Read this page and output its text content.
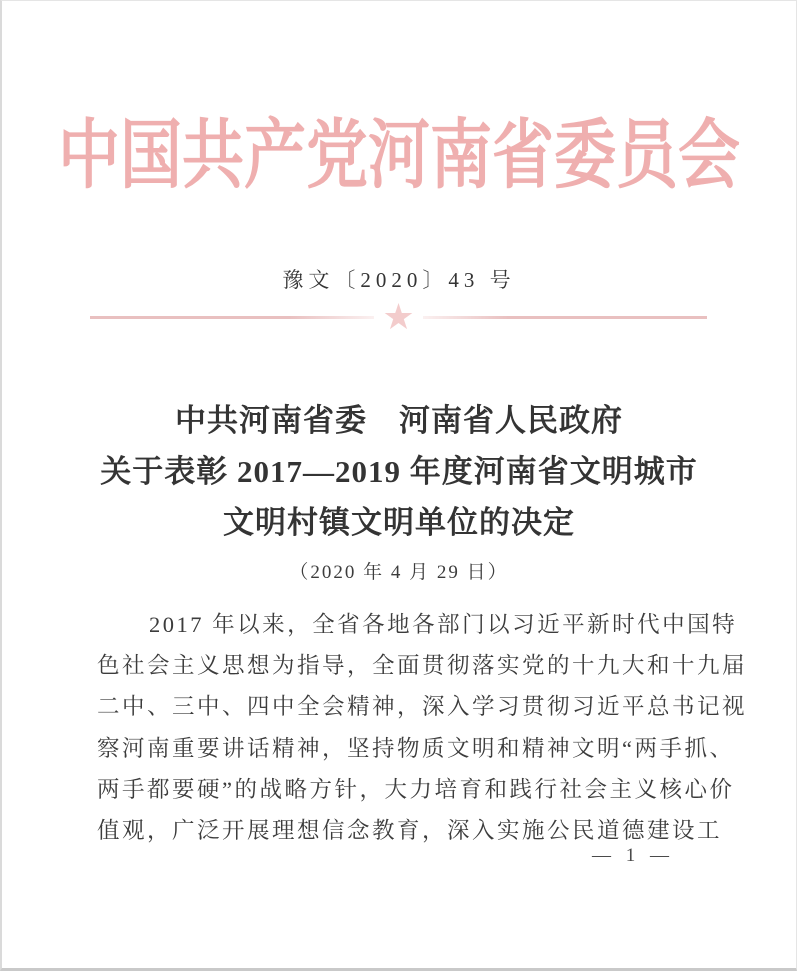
中国共产党河南省委员会
豫文〔2020〕43 号
★
中共河南省委　河南省人民政府
关于表彰 2017—2019 年度河南省文明城市
文明村镇文明单位的决定
（2020 年 4 月 29 日）
2017 年以来，全省各地各部门以习近平新时代中国特
色社会主义思想为指导，全面贯彻落实党的十九大和十九届
二中、三中、四中全会精神，深入学习贯彻习近平总书记视
察河南重要讲话精神，坚持物质文明和精神文明“两手抓、
两手都要硬”的战略方针，大力培育和践行社会主义核心价
值观，广泛开展理想信念教育，深入实施公民道德建设工
— 1 —
